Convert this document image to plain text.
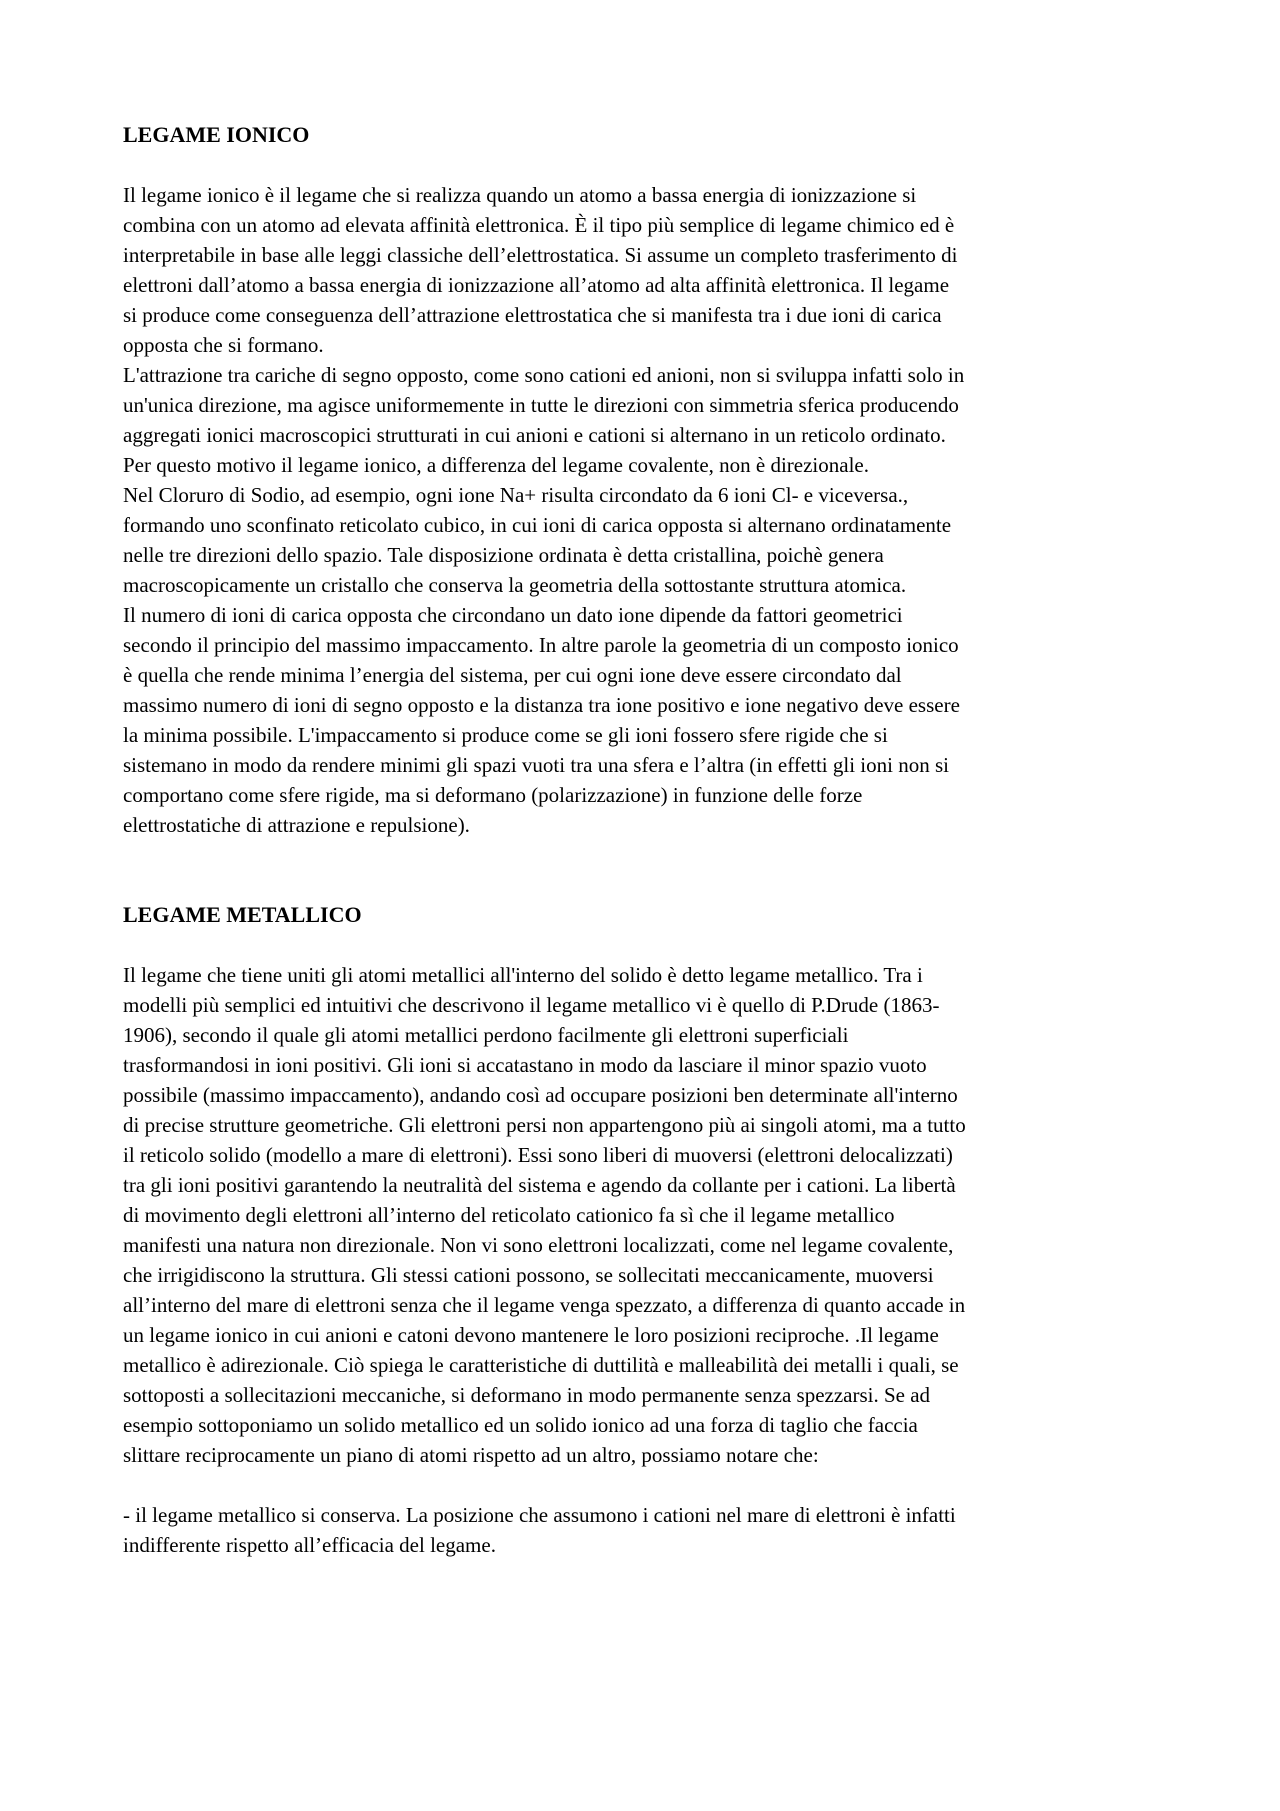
LEGAME IONICO

Il legame ionico è il legame che si realizza quando un atomo a bassa energia di ionizzazione si
combina con un atomo ad elevata affinità elettronica. È il tipo più semplice di legame chimico ed è
interpretabile in base alle leggi classiche dell’elettrostatica. Si assume un completo trasferimento di
elettroni dall’atomo a bassa energia di ionizzazione all’atomo ad alta affinità elettronica. Il legame
si produce come conseguenza dell’attrazione elettrostatica che si manifesta tra i due ioni di carica
opposta che si formano.
L'attrazione tra cariche di segno opposto, come sono cationi ed anioni, non si sviluppa infatti solo in
un'unica direzione, ma agisce uniformemente in tutte le direzioni con simmetria sferica producendo
aggregati ionici macroscopici strutturati in cui anioni e cationi si alternano in un reticolo ordinato.
Per questo motivo il legame ionico, a differenza del legame covalente, non è direzionale.
Nel Cloruro di Sodio, ad esempio, ogni ione Na+ risulta circondato da 6 ioni Cl- e viceversa.,
formando uno sconfinato reticolato cubico, in cui ioni di carica opposta si alternano ordinatamente
nelle tre direzioni dello spazio. Tale disposizione ordinata è detta cristallina, poichè genera
macroscopicamente un cristallo che conserva la geometria della sottostante struttura atomica.
Il numero di ioni di carica opposta che circondano un dato ione dipende da fattori geometrici
secondo il principio del massimo impaccamento. In altre parole la geometria di un composto ionico
è quella che rende minima l’energia del sistema, per cui ogni ione deve essere circondato dal
massimo numero di ioni di segno opposto e la distanza tra ione positivo e ione negativo deve essere
la minima possibile. L'impaccamento si produce come se gli ioni fossero sfere rigide che si
sistemano in modo da rendere minimi gli spazi vuoti tra una sfera e l’altra (in effetti gli ioni non si
comportano come sfere rigide, ma si deformano (polarizzazione) in funzione delle forze
elettrostatiche di attrazione e repulsione).

LEGAME METALLICO

Il legame che tiene uniti gli atomi metallici all'interno del solido è detto legame metallico. Tra i
modelli più semplici ed intuitivi che descrivono il legame metallico vi è quello di P.Drude (1863-
1906), secondo il quale gli atomi metallici perdono facilmente gli elettroni superficiali
trasformandosi in ioni positivi. Gli ioni si accatastano in modo da lasciare il minor spazio vuoto
possibile (massimo impaccamento), andando così ad occupare posizioni ben determinate all'interno
di precise strutture geometriche. Gli elettroni persi non appartengono più ai singoli atomi, ma a tutto
il reticolo solido (modello a mare di elettroni). Essi sono liberi di muoversi (elettroni delocalizzati)
tra gli ioni positivi garantendo la neutralità del sistema e agendo da collante per i cationi. La libertà
di movimento degli elettroni all’interno del reticolato cationico fa sì che il legame metallico
manifesti una natura non direzionale. Non vi sono elettroni localizzati, come nel legame covalente,
che irrigidiscono la struttura. Gli stessi cationi possono, se sollecitati meccanicamente, muoversi
all’interno del mare di elettroni senza che il legame venga spezzato, a differenza di quanto accade in
un legame ionico in cui anioni e catoni devono mantenere le loro posizioni reciproche. .Il legame
metallico è adirezionale. Ciò spiega le caratteristiche di duttilità e malleabilità dei metalli i quali, se
sottoposti a sollecitazioni meccaniche, si deformano in modo permanente senza spezzarsi. Se ad
esempio sottoponiamo un solido metallico ed un solido ionico ad una forza di taglio che faccia
slittare reciprocamente un piano di atomi rispetto ad un altro, possiamo notare che:

- il legame metallico si conserva. La posizione che assumono i cationi nel mare di elettroni è infatti
indifferente rispetto all’efficacia del legame.
